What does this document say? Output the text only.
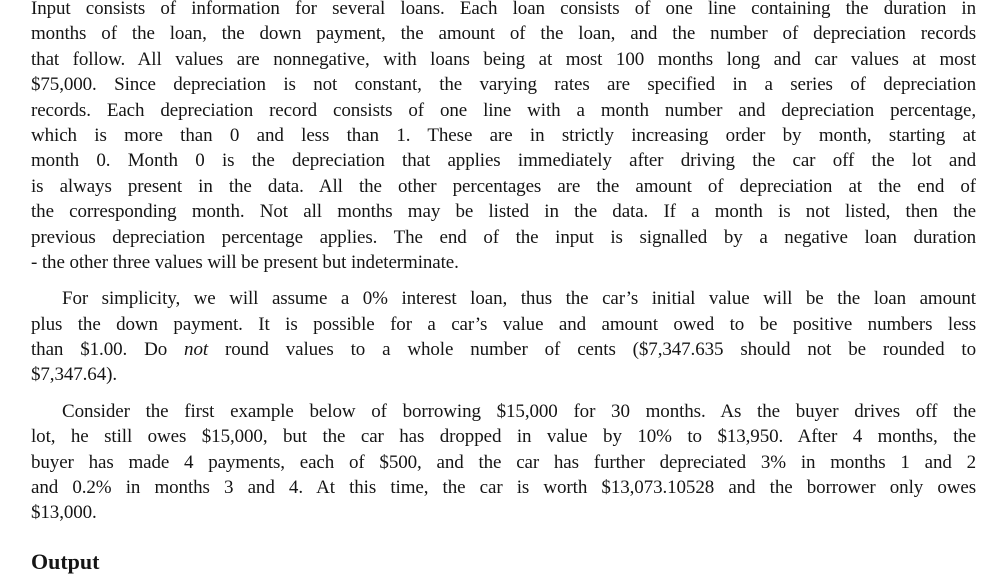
Input consists of information for several loans. Each loan consists of one line containing the duration in
months of the loan, the down payment, the amount of the loan, and the number of depreciation records
that follow. All values are nonnegative, with loans being at most 100 months long and car values at most
$75,000. Since depreciation is not constant, the varying rates are specified in a series of depreciation
records. Each depreciation record consists of one line with a month number and depreciation percentage,
which is more than 0 and less than 1. These are in strictly increasing order by month, starting at
month 0. Month 0 is the depreciation that applies immediately after driving the car off the lot and
is always present in the data. All the other percentages are the amount of depreciation at the end of
the corresponding month. Not all months may be listed in the data. If a month is not listed, then the
previous depreciation percentage applies. The end of the input is signalled by a negative loan duration
- the other three values will be present but indeterminate.
For simplicity, we will assume a 0% interest loan, thus the car’s initial value will be the loan amount
plus the down payment. It is possible for a car’s value and amount owed to be positive numbers less
than $1.00. Do not round values to a whole number of cents ($7,347.635 should not be rounded to
$7,347.64).
Consider the first example below of borrowing $15,000 for 30 months. As the buyer drives off the
lot, he still owes $15,000, but the car has dropped in value by 10% to $13,950. After 4 months, the
buyer has made 4 payments, each of $500, and the car has further depreciated 3% in months 1 and 2
and 0.2% in months 3 and 4. At this time, the car is worth $13,073.10528 and the borrower only owes
$13,000.
Output
